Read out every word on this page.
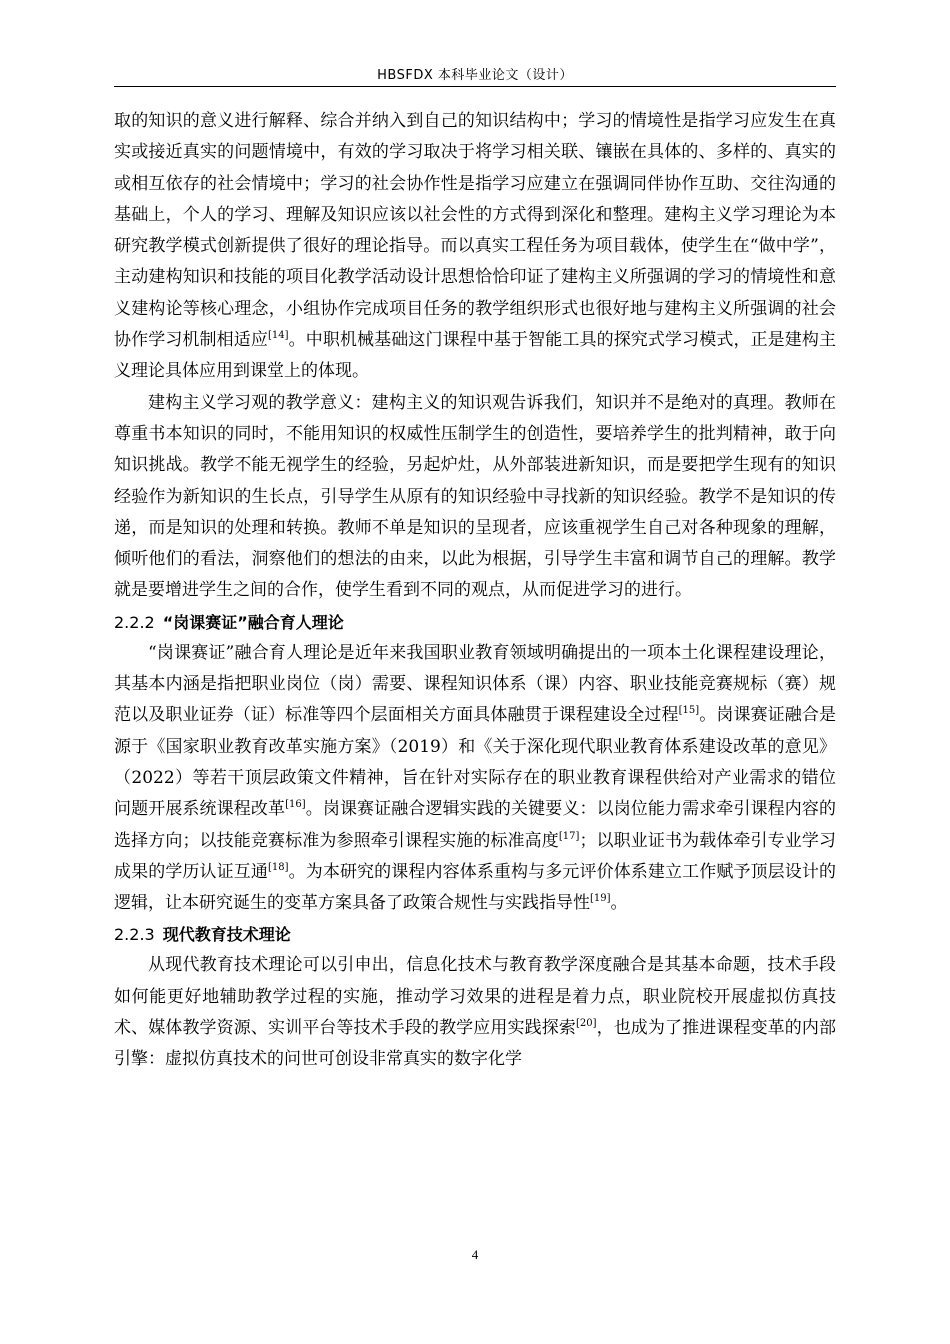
HBSFDX 本科毕业论文（设计）

取的知识的意义进行解释、综合并纳入到自己的知识结构中；学习的情境性是指学习应发生在真实或接近真实的问题情境中，有效的学习取决于将学习相关联、镶嵌在具体的、多样的、真实的或相互依存的社会情境中；学习的社会协作性是指学习应建立在强调同伴协作互助、交往沟通的基础上，个人的学习、理解及知识应该以社会性的方式得到深化和整理。建构主义学习理论为本研究教学模式创新提供了很好的理论指导。而以真实工程任务为项目载体，使学生在“做中学”，主动建构知识和技能的项目化教学活动设计思想恰恰印证了建构主义所强调的学习的情境性和意义建构论等核心理念，小组协作完成项目任务的教学组织形式也很好地与建构主义所强调的社会协作学习机制相适应[14]。中职机械基础这门课程中基于智能工具的探究式学习模式，正是建构主义理论具体应用到课堂上的体现。

建构主义学习观的教学意义：建构主义的知识观告诉我们，知识并不是绝对的真理。教师在尊重书本知识的同时，不能用知识的权威性压制学生的创造性，要培养学生的批判精神，敢于向知识挑战。教学不能无视学生的经验，另起炉灶，从外部装进新知识，而是要把学生现有的知识经验作为新知识的生长点，引导学生从原有的知识经验中寻找新的知识经验。教学不是知识的传递，而是知识的处理和转换。教师不单是知识的呈现者，应该重视学生自己对各种现象的理解，倾听他们的看法，洞察他们的想法的由来，以此为根据，引导学生丰富和调节自己的理解。教学就是要增进学生之间的合作，使学生看到不同的观点，从而促进学习的进行。

2.2.2 “岗课赛证”融合育人理论

“岗课赛证”融合育人理论是近年来我国职业教育领域明确提出的一项本土化课程建设理论，其基本内涵是指把职业岗位（岗）需要、课程知识体系（课）内容、职业技能竞赛规标（赛）规范以及职业证券（证）标准等四个层面相关方面具体融贯于课程建设全过程[15]。岗课赛证融合是源于《国家职业教育改革实施方案》（2019）和《关于深化现代职业教育体系建设改革的意见》（2022）等若干顶层政策文件精神，旨在针对实际存在的职业教育课程供给对产业需求的错位问题开展系统课程改革[16]。岗课赛证融合逻辑实践的关键要义：以岗位能力需求牵引课程内容的选择方向；以技能竞赛标准为参照牵引课程实施的标准高度[17]；以职业证书为载体牵引专业学习成果的学历认证互通[18]。为本研究的课程内容体系重构与多元评价体系建立工作赋予顶层设计的逻辑，让本研究诞生的变革方案具备了政策合规性与实践指导性[19]。

2.2.3 现代教育技术理论

从现代教育技术理论可以引申出，信息化技术与教育教学深度融合是其基本命题，技术手段如何能更好地辅助教学过程的实施，推动学习效果的进程是着力点，职业院校开展虚拟仿真技术、媒体教学资源、实训平台等技术手段的教学应用实践探索[20]，也成为了推进课程变革的内部引擎：虚拟仿真技术的问世可创设非常真实的数字化学

4
